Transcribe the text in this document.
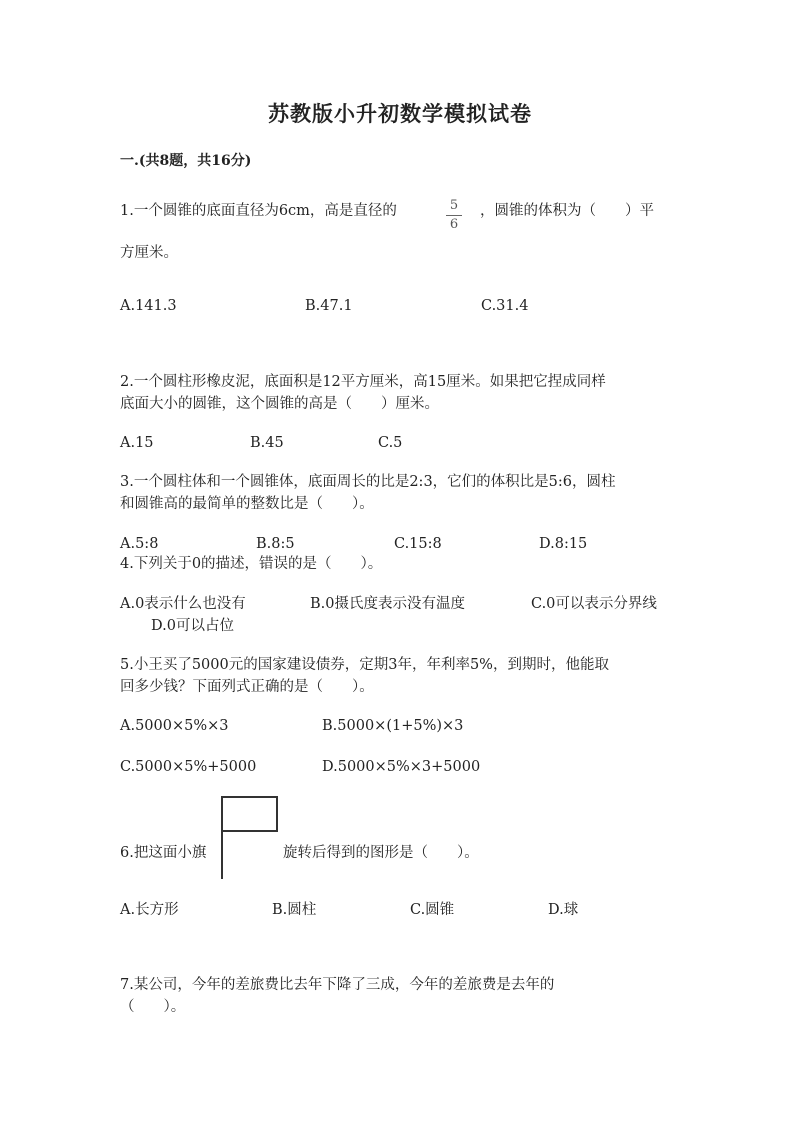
苏教版小升初数学模拟试卷
一.(共8题，共16分)
1.一个圆锥的底面直径为6cm，高是直径的	5
6
，圆锥的体积为（　　）平
方厘米。
A.141.3	B.47.1	C.31.4
2.一个圆柱形橡皮泥，底面积是12平方厘米，高15厘米。如果把它捏成同样
底面大小的圆锥，这个圆锥的高是（　　）厘米。
A.15	B.45	C.5
3.一个圆柱体和一个圆锥体，底面周长的比是2:3，它们的体积比是5:6，圆柱
和圆锥高的最简单的整数比是（　　）。
A.5:8	B.8:5	C.15:8	D.8:15
4.下列关于0的描述，错误的是（　　）。
A.0表示什么也没有	B.0摄氏度表示没有温度	C.0可以表示分界线
D.0可以占位
5.小王买了5000元的国家建设债券，定期3年，年利率5%，到期时，他能取
回多少钱？下面列式正确的是（　　）。
A.5000×5%×3	B.5000×(1+5%)×3
C.5000×5%+5000	D.5000×5%×3+5000
6.把这面小旗	旋转后得到的图形是（　　）。
A.长方形	B.圆柱	C.圆锥	D.球
7.某公司，今年的差旅费比去年下降了三成，今年的差旅费是去年的
（　　）。
